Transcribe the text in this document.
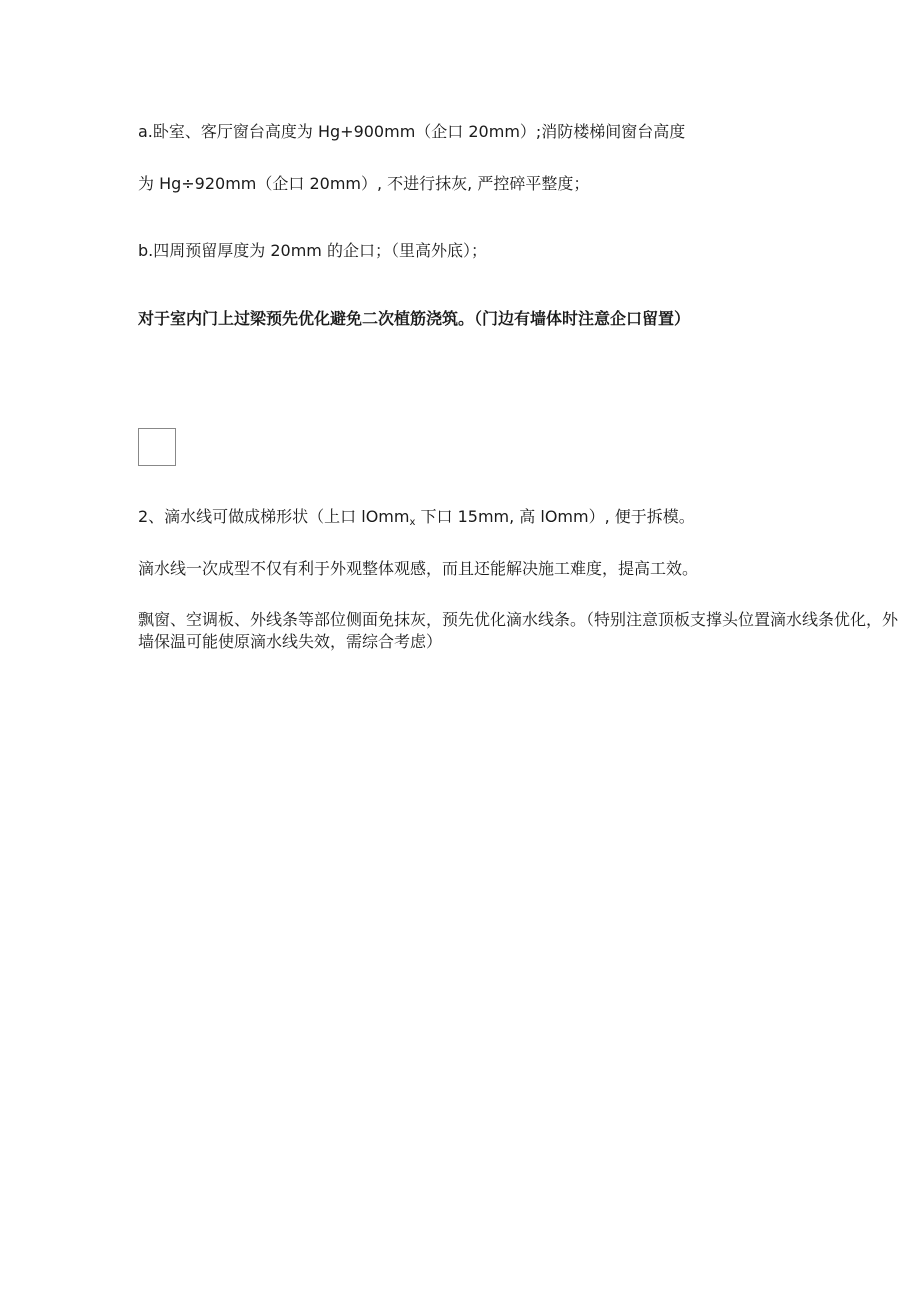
a.卧室、客厅窗台高度为 Hg+900mm（企口 20mm）;消防楼梯间窗台高度
为 Hg÷920mm（企口 20mm）, 不进行抹灰, 严控碎平整度；
b.四周预留厚度为 20mm 的企口；（里高外底）；
对于室内门上过梁预先优化避免二次植筋浇筑。（门边有墙体时注意企口留置）
2、滴水线可做成梯形状（上口 lOmm$_x$ 下口 15mm, 高 lOmm）, 便于拆模。
滴水线一次成型不仅有利于外观整体观感，而且还能解决施工难度，提高工效。
飘窗、空调板、外线条等部位侧面免抹灰，预先优化滴水线条。（特别注意顶板支撑头位置滴水线条优化，外墙保温可能使原滴水线失效，需综合考虑）
